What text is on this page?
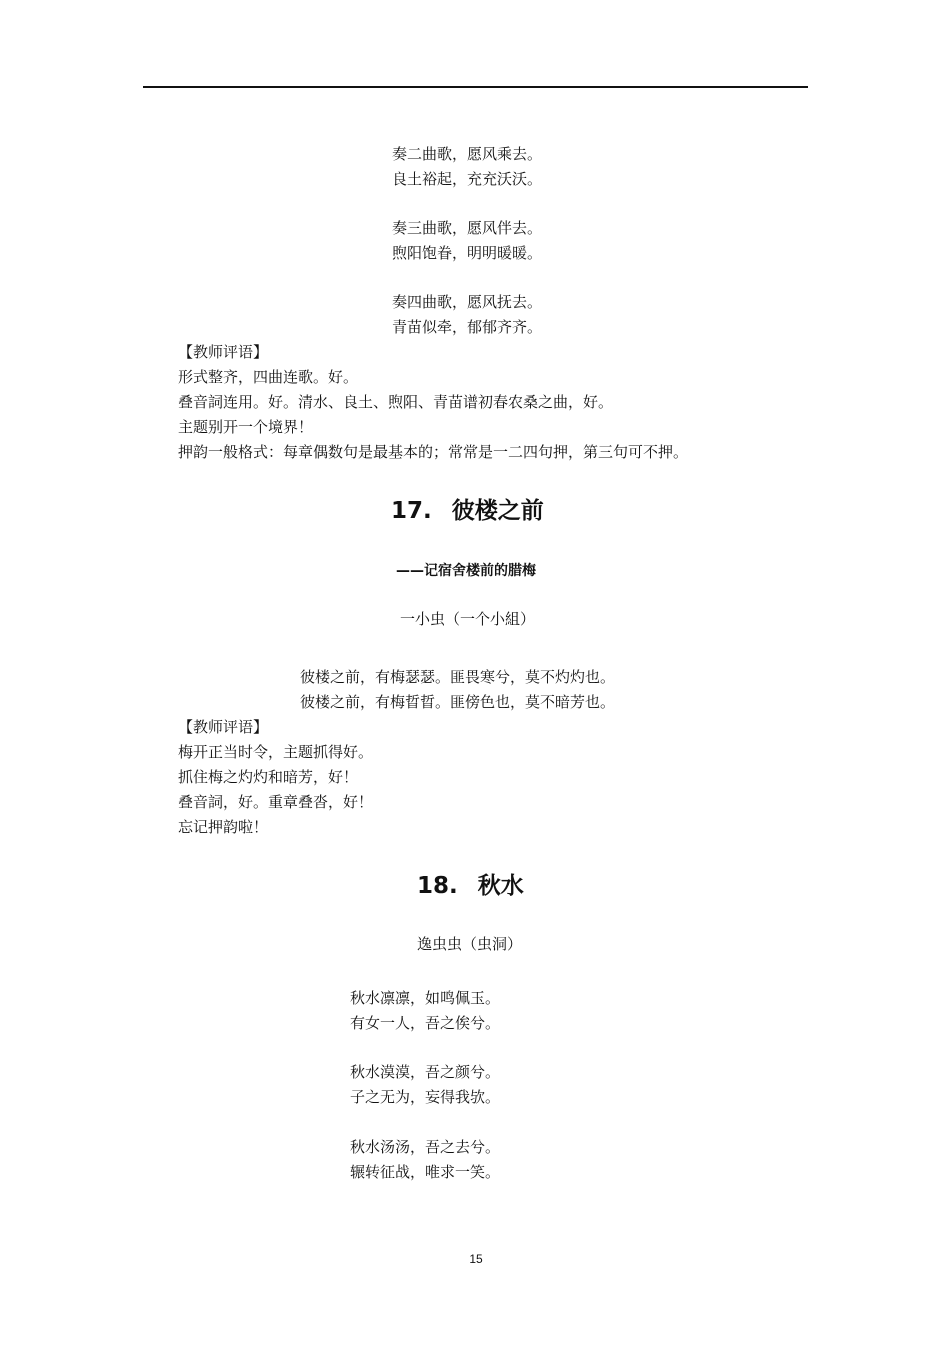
奏二曲歌，愿风乘去。
良土裕起，充充沃沃。
奏三曲歌，愿风伴去。
煦阳饱眷，明明暖暖。
奏四曲歌，愿风抚去。
青苗似牵，郁郁齐齐。
【教师评语】
形式整齐，四曲连歌。好。
叠音詞连用。好。清水、良土、煦阳、青苗谱初春农桑之曲，好。
主题别开一个境界！
押韵一般格式：每章偶数句是最基本的；常常是一二四句押，第三句可不押。
17. 彼楼之前
——记宿舍楼前的腊梅
一小虫（一个小組）
彼楼之前，有梅瑟瑟。匪畏寒兮，莫不灼灼也。
彼楼之前，有梅晢晢。匪傍色也，莫不暗芳也。
【教师评语】
梅开正当时令，主题抓得好。
抓住梅之灼灼和暗芳，好！
叠音詞，好。重章叠沓，好！
忘记押韵啦！
18. 秋水
逸虫虫（虫洞）
秋水凛凛，如鸣佩玉。
有女一人，吾之俟兮。
秋水漠漠，吾之颜兮。
子之无为，妄得我欤。
秋水汤汤，吾之去兮。
辗转征战，唯求一笑。
15
